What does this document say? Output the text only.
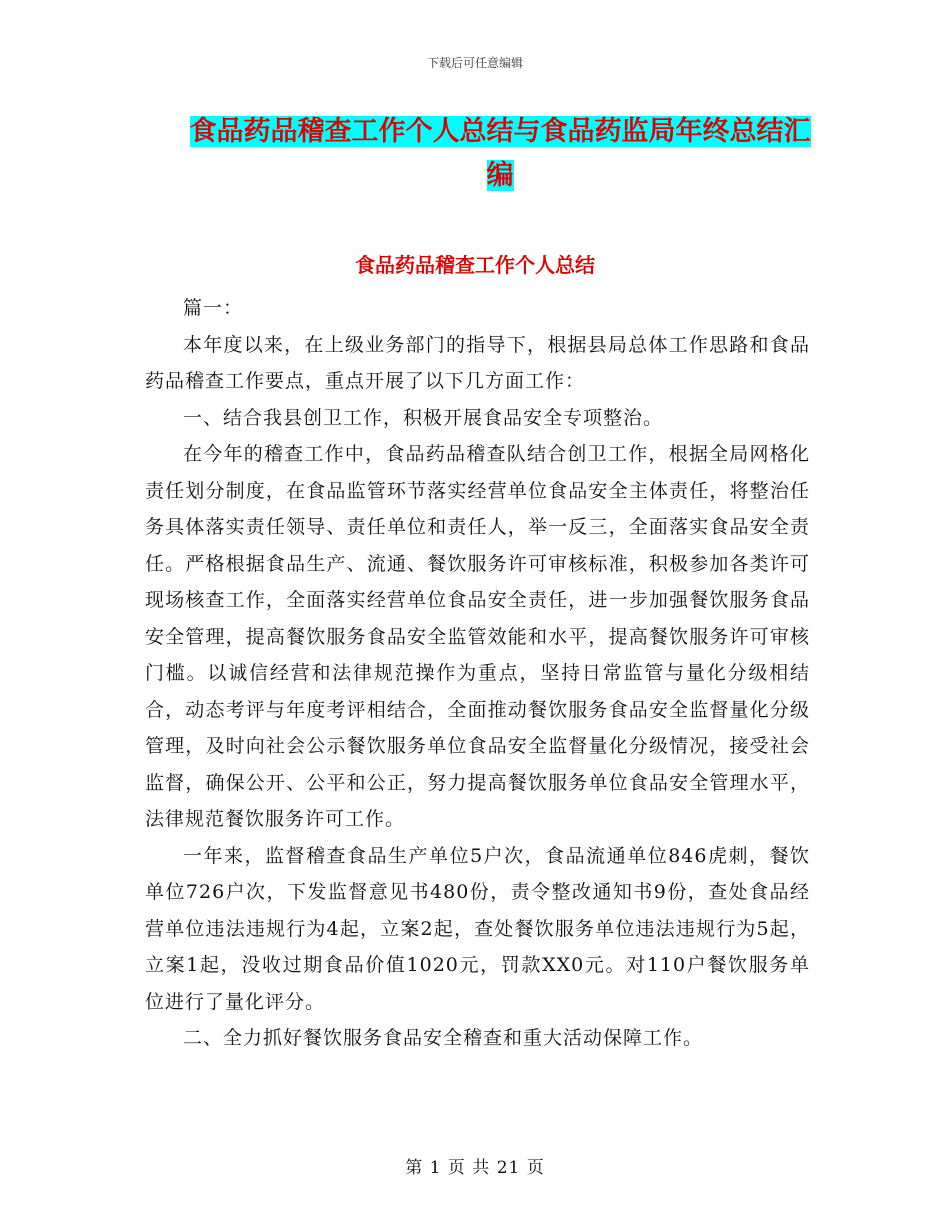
下载后可任意编辑
食品药品稽查工作个人总结与食品药监局年终总结汇编
食品药品稽查工作个人总结

篇一：

本年度以来，在上级业务部门的指导下，根据县局总体工作思路和食品药品稽查工作要点，重点开展了以下几方面工作：

一、结合我县创卫工作，积极开展食品安全专项整治。

在今年的稽查工作中，食品药品稽查队结合创卫工作，根据全局网格化责任划分制度，在食品监管环节落实经营单位食品安全主体责任，将整治任务具体落实责任领导、责任单位和责任人，举一反三，全面落实食品安全责任。严格根据食品生产、流通、餐饮服务许可审核标准，积极参加各类许可现场核查工作，全面落实经营单位食品安全责任，进一步加强餐饮服务食品安全管理，提高餐饮服务食品安全监管效能和水平，提高餐饮服务许可审核门槛。以诚信经营和法律规范操作为重点，坚持日常监管与量化分级相结合，动态考评与年度考评相结合，全面推动餐饮服务食品安全监督量化分级管理，及时向社会公示餐饮服务单位食品安全监督量化分级情况，接受社会监督，确保公开、公平和公正，努力提高餐饮服务单位食品安全管理水平，法律规范餐饮服务许可工作。

一年来，监督稽查食品生产单位5户次，食品流通单位846虎刺，餐饮单位726户次，下发监督意见书480份，责令整改通知书9份，查处食品经营单位违法违规行为4起，立案2起，查处餐饮服务单位违法违规行为5起，立案1起，没收过期食品价值1020元，罚款XX0元。对110户餐饮服务单位进行了量化评分。

二、全力抓好餐饮服务食品安全稽查和重大活动保障工作。

第 1 页 共 21 页
